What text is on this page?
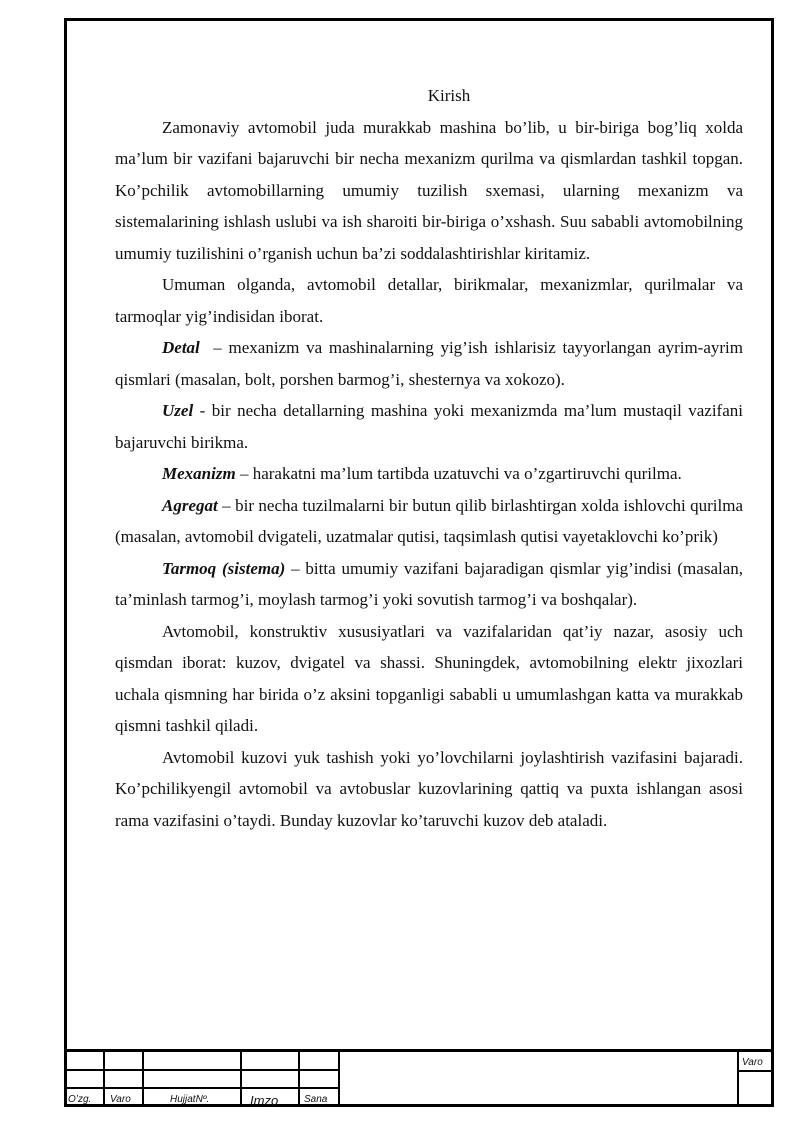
Kirish

Zamonaviy avtomobil juda murakkab mashina bo’lib, u bir-biriga bog’liq xolda ma’lum bir vazifani bajaruvchi bir necha mexanizm qurilma va qismlardan tashkil topgan. Ko’pchilik avtomobillarning umumiy tuzilish sxemasi, ularning mexanizm va sistemalarining ishlash uslubi va ish sharoiti bir-biriga o’xshash. Suu sababli avtomobilning umumiy tuzilishini o’rganish uchun ba’zi soddalashtirishlar kiritamiz.

Umuman olganda, avtomobil detallar, birikmalar, mexanizmlar, qurilmalar va tarmoqlar yig’indisidan iborat.

Detal  – mexanizm va mashinalarning yig’ish ishlarisiz tayyorlangan ayrim-ayrim qismlari (masalan, bolt, porshen barmog’i, shesternya va xokozo).

Uzel - bir necha detallarning mashina yoki mexanizmda ma’lum mustaqil vazifani bajaruvchi birikma.

Mexanizm – harakatni ma’lum tartibda uzatuvchi va o’zgartiruvchi qurilma.

Agregat – bir necha tuzilmalarni bir butun qilib birlashtirgan xolda ishlovchi qurilma (masalan, avtomobil dvigateli, uzatmalar qutisi, taqsimlash qutisi vayetaklovchi ko’prik)

Tarmoq (sistema) – bitta umumiy vazifani bajaradigan qismlar yig’indisi (masalan, ta’minlash tarmog’i, moylash tarmog’i yoki sovutish tarmog’i va boshqalar).

Avtomobil, konstruktiv xususiyatlari va vazifalaridan qat’iy nazar, asosiy uch qismdan iborat: kuzov, dvigatel va shassi. Shuningdek, avtomobilning elektr jixozlari uchala qismning har birida o’z aksini topganligi sababli u umumlashgan katta va murakkab qismni tashkil qiladi.

Avtomobil kuzovi yuk tashish yoki yo’lovchilarni joylashtirish vazifasini bajaradi. Ko’pchilikyengil avtomobil va avtobuslar kuzovlarining qattiq va puxta ishlangan asosi rama vazifasini o’taydi. Bunday kuzovlar ko’taruvchi kuzov deb ataladi.

O’zg. Varo	HujjatNº.	Imzo	Sana
Varo
